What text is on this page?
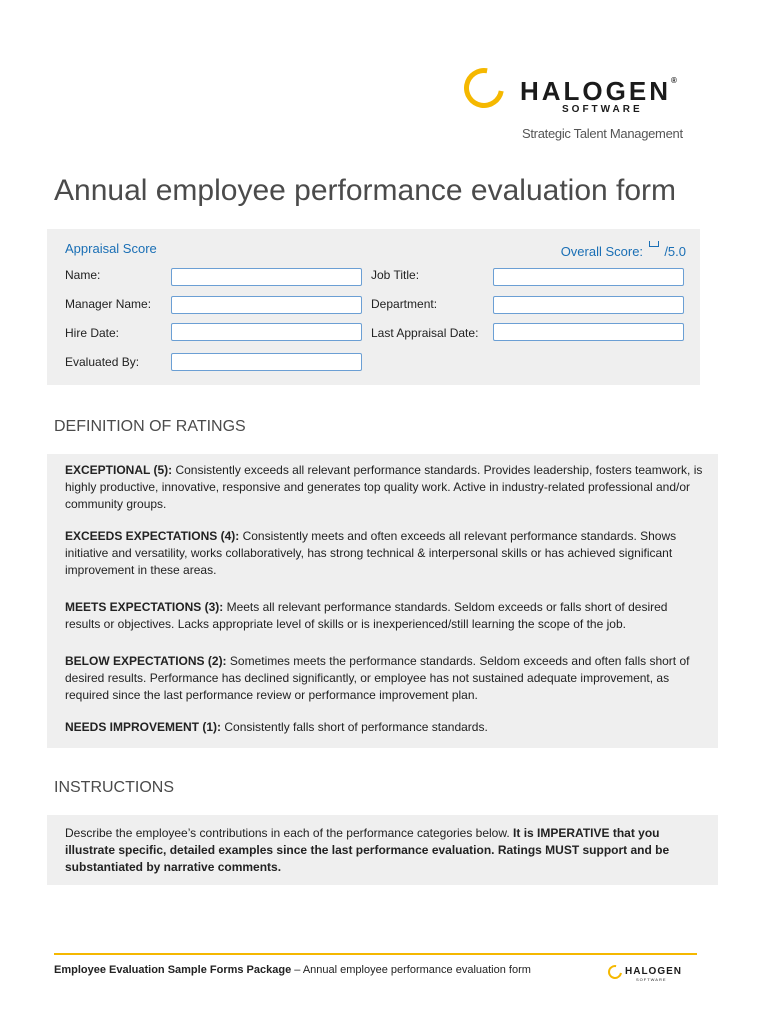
HALOGEN®
SOFTWARE
Strategic Talent Management
Annual employee performance evaluation form
Appraisal Score	Overall Score: /5.0
Name:	Job Title:
Manager Name:	Department:
Hire Date:	Last Appraisal Date:
Evaluated By:
DEFINITION OF RATINGS

EXCEPTIONAL (5): Consistently exceeds all relevant performance standards. Provides leadership, fosters teamwork, is highly productive, innovative, responsive and generates top quality work. Active in industry-related professional and/or community groups.

EXCEEDS EXPECTATIONS (4): Consistently meets and often exceeds all relevant performance standards. Shows initiative and versatility, works collaboratively, has strong technical & interpersonal skills or has achieved significant improvement in these areas.

MEETS EXPECTATIONS (3): Meets all relevant performance standards. Seldom exceeds or falls short of desired results or objectives. Lacks appropriate level of skills or is inexperienced/still learning the scope of the job.

BELOW EXPECTATIONS (2): Sometimes meets the performance standards. Seldom exceeds and often falls short of desired results. Performance has declined significantly, or employee has not sustained adequate improvement, as required since the last performance review or performance improvement plan.

NEEDS IMPROVEMENT (1): Consistently falls short of performance standards.

INSTRUCTIONS

Describe the employee’s contributions in each of the performance categories below. It is IMPERATIVE that you illustrate specific, detailed examples since the last performance evaluation. Ratings MUST support and be substantiated by narrative comments.

Employee Evaluation Sample Forms Package – Annual employee performance evaluation form	HALOGEN
SOFTWARE
